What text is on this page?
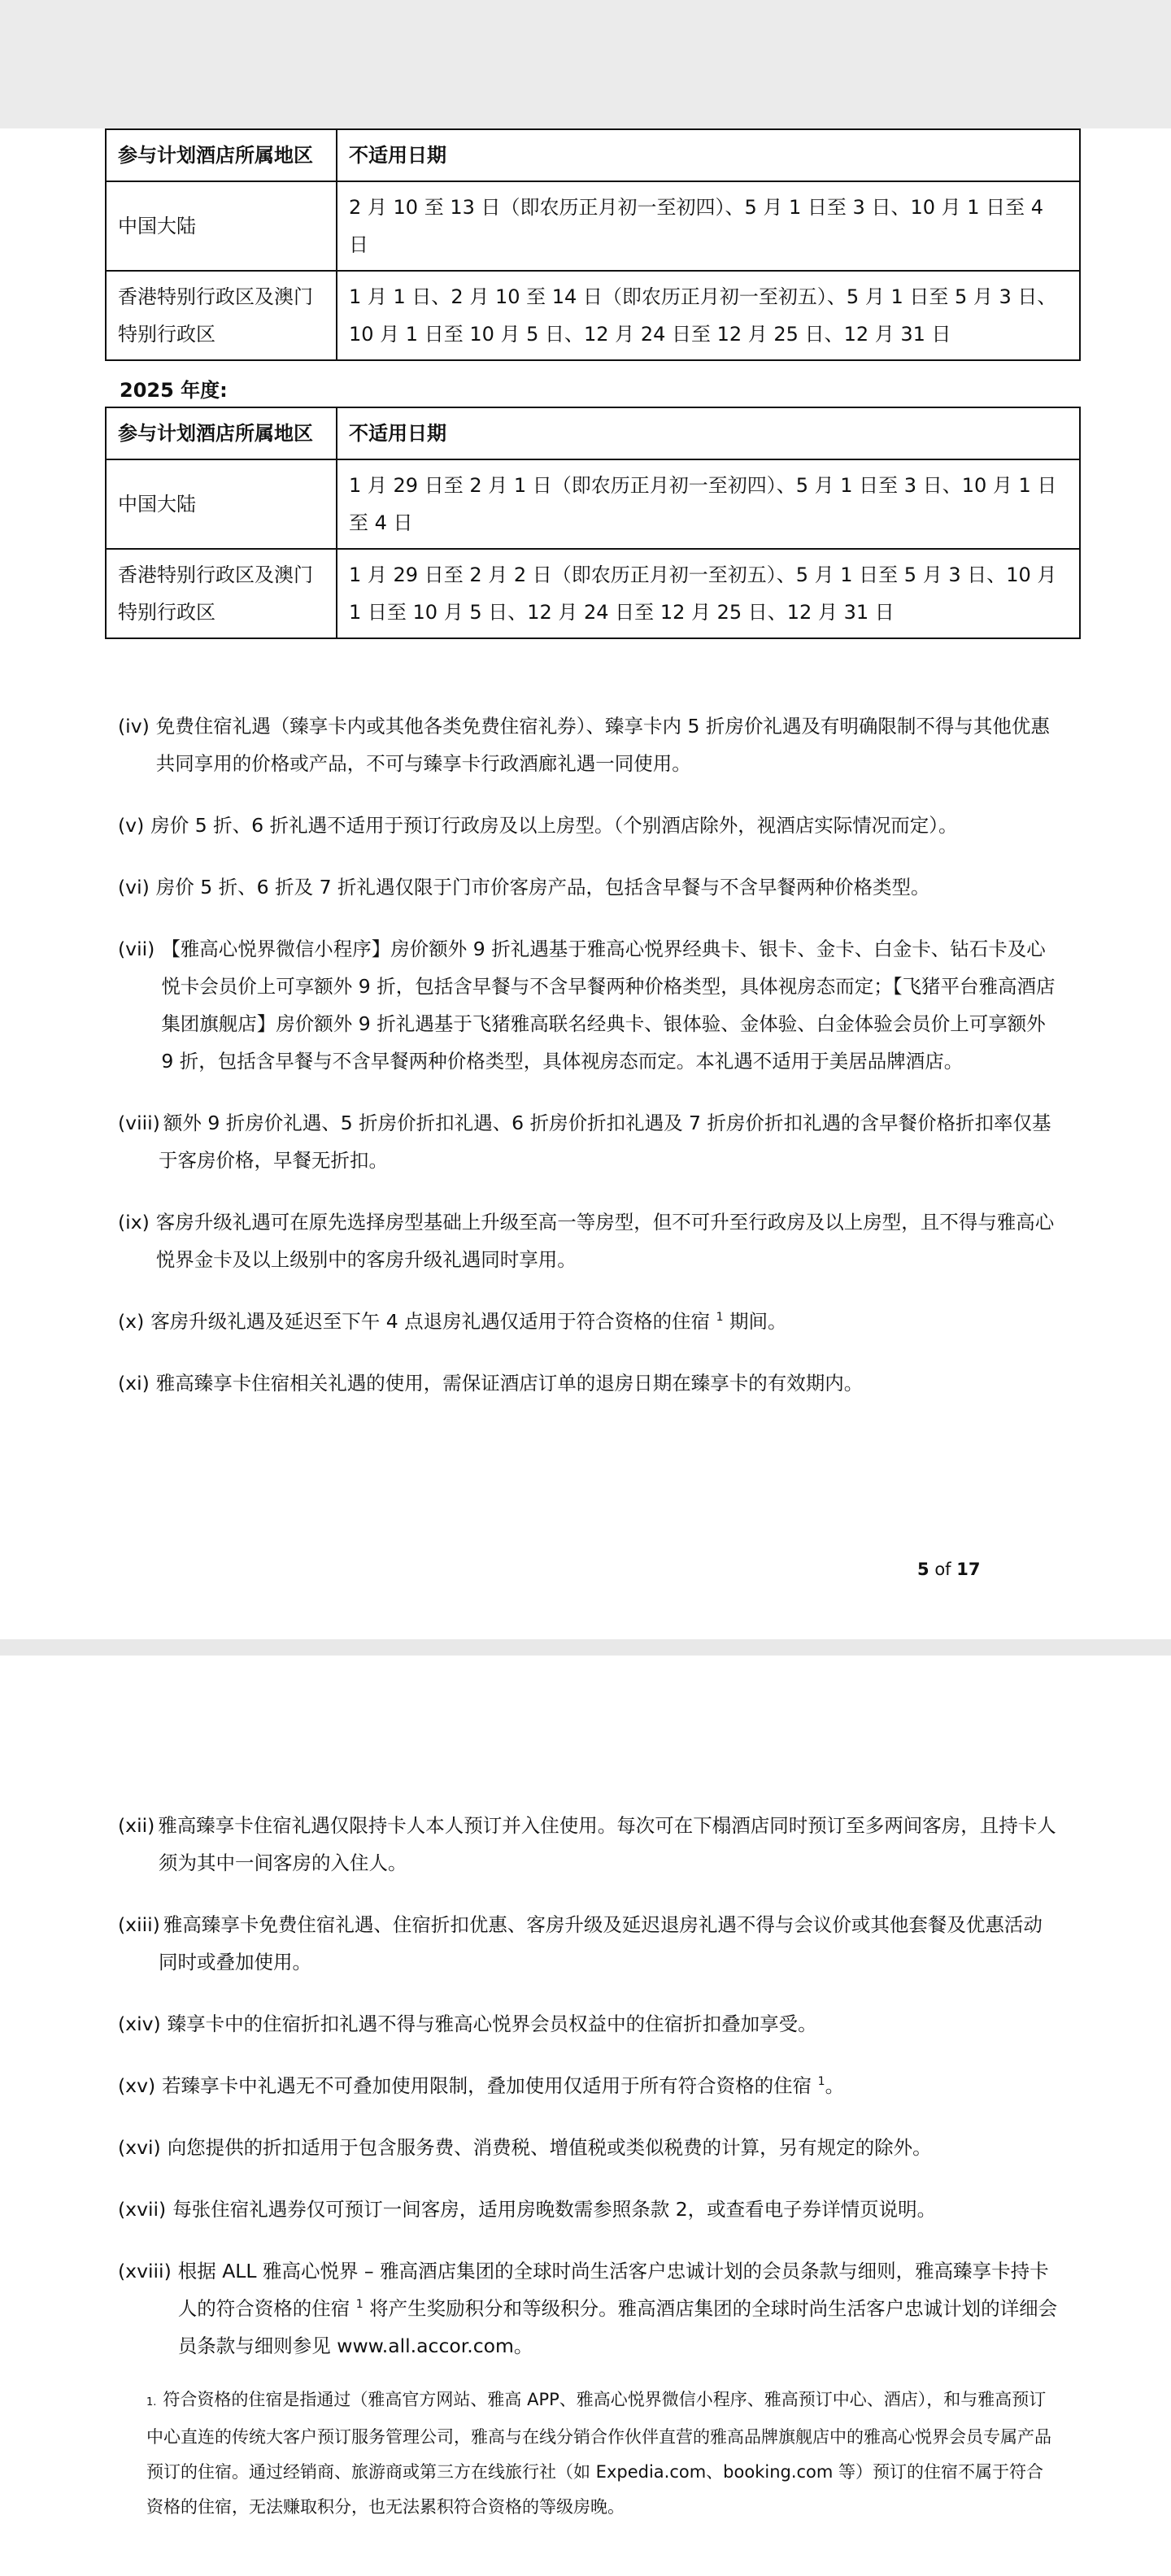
参与计划酒店所属地区	不适用日期
中国大陆	2 月 10 至 13 日（即农历正月初一至初四）、5 月 1 日至 3 日、10 月 1 日至 4 日
香港特别行政区及澳门特别行政区	1 月 1 日、2 月 10 至 14 日（即农历正月初一至初五）、5 月 1 日至 5 月 3 日、10 月 1 日至 10 月 5 日、12 月 24 日至 12 月 25 日、12 月 31 日
2025 年度:
参与计划酒店所属地区	不适用日期
中国大陆	1 月 29 日至 2 月 1 日（即农历正月初一至初四）、5 月 1 日至 3 日、10 月 1 日至 4 日
香港特别行政区及澳门特别行政区	1 月 29 日至 2 月 2 日（即农历正月初一至初五）、5 月 1 日至 5 月 3 日、10 月 1 日至 10 月 5 日、12 月 24 日至 12 月 25 日、12 月 31 日
(iv) 免费住宿礼遇（臻享卡内或其他各类免费住宿礼券）、臻享卡内 5 折房价礼遇及有明确限制不得与其他优惠共同享用的价格或产品，不可与臻享卡行政酒廊礼遇一同使用。
(v) 房价 5 折、6 折礼遇不适用于预订行政房及以上房型。（个别酒店除外，视酒店实际情况而定）。
(vi) 房价 5 折、6 折及 7 折礼遇仅限于门市价客房产品，包括含早餐与不含早餐两种价格类型。
(vii) 【雅高心悦界微信小程序】房价额外 9 折礼遇基于雅高心悦界经典卡、银卡、金卡、白金卡、钻石卡及心悦卡会员价上可享额外 9 折，包括含早餐与不含早餐两种价格类型，具体视房态而定；【飞猪平台雅高酒店集团旗舰店】房价额外 9 折礼遇基于飞猪雅高联名经典卡、银体验、金体验、白金体验会员价上可享额外 9 折，包括含早餐与不含早餐两种价格类型，具体视房态而定。本礼遇不适用于美居品牌酒店。
(viii) 额外 9 折房价礼遇、5 折房价折扣礼遇、6 折房价折扣礼遇及 7 折房价折扣礼遇的含早餐价格折扣率仅基于客房价格，早餐无折扣。
(ix) 客房升级礼遇可在原先选择房型基础上升级至高一等房型，但不可升至行政房及以上房型，且不得与雅高心悦界金卡及以上级别中的客房升级礼遇同时享用。
(x) 客房升级礼遇及延迟至下午 4 点退房礼遇仅适用于符合资格的住宿 $^1$ 期间。
(xi) 雅高臻享卡住宿相关礼遇的使用，需保证酒店订单的退房日期在臻享卡的有效期内。
5 of 17
(xii) 雅高臻享卡住宿礼遇仅限持卡人本人预订并入住使用。每次可在下榻酒店同时预订至多两间客房，且持卡人须为其中一间客房的入住人。
(xiii) 雅高臻享卡免费住宿礼遇、住宿折扣优惠、客房升级及延迟退房礼遇不得与会议价或其他套餐及优惠活动同时或叠加使用。
(xiv) 臻享卡中的住宿折扣礼遇不得与雅高心悦界会员权益中的住宿折扣叠加享受。
(xv) 若臻享卡中礼遇无不可叠加使用限制，叠加使用仅适用于所有符合资格的住宿 $^1$。
(xvi) 向您提供的折扣适用于包含服务费、消费税、增值税或类似税费的计算，另有规定的除外。
(xvii) 每张住宿礼遇券仅可预订一间客房，适用房晚数需参照条款 2，或查看电子券详情页说明。
(xviii) 根据 ALL 雅高心悦界 – 雅高酒店集团的全球时尚生活客户忠诚计划的会员条款与细则，雅高臻享卡持卡人的符合资格的住宿 $^1$ 将产生奖励积分和等级积分。雅高酒店集团的全球时尚生活客户忠诚计划的详细会员条款与细则参见 www.all.accor.com。
1. 符合资格的住宿是指通过（雅高官方网站、雅高 APP、雅高心悦界微信小程序、雅高预订中心、酒店），和与雅高预订中心直连的传统大客户预订服务管理公司，雅高与在线分销合作伙伴直营的雅高品牌旗舰店中的雅高心悦界会员专属产品预订的住宿。通过经销商、旅游商或第三方在线旅行社（如 Expedia.com、booking.com 等）预订的住宿不属于符合资格的住宿，无法赚取积分，也无法累积符合资格的等级房晚。
